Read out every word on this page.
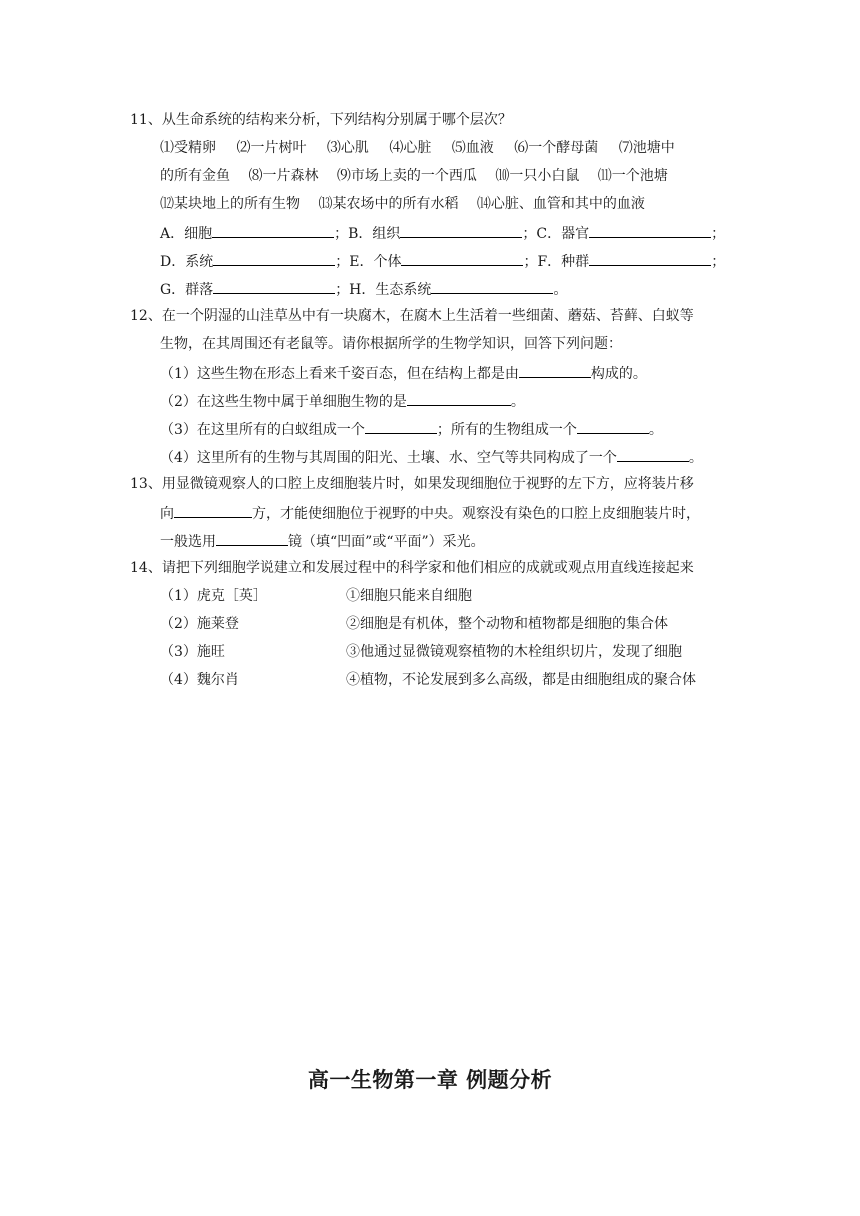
11、从生命系统的结构来分析，下列结构分别属于哪个层次？
⑴受精卵　 ⑵一片树叶　 ⑶心肌　 ⑷心脏　 ⑸血液　 ⑹一个酵母菌　 ⑺池塘中
的所有金鱼　 ⑻一片森林　 ⑼市场上卖的一个西瓜　 ⑽一只小白鼠　 ⑾一个池塘
⑿某块地上的所有生物　 ⒀某农场中的所有水稻　 ⒁心脏、血管和其中的血液
A．细胞	；B．组织	；C．器官	；
D．系统	；E．个体	；F．种群	；
G．群落	；H．生态系统	。
12、在一个阴湿的山洼草丛中有一块腐木，在腐木上生活着一些细菌、蘑菇、苔藓、白蚁等
生物，在其周围还有老鼠等。请你根据所学的生物学知识，回答下列问题：
（1）这些生物在形态上看来千姿百态，但在结构上都是由	构成的。
（2）在这些生物中属于单细胞生物的是	。
（3）在这里所有的白蚁组成一个	；所有的生物组成一个	。
（4）这里所有的生物与其周围的阳光、土壤、水、空气等共同构成了一个	。
13、用显微镜观察人的口腔上皮细胞装片时，如果发现细胞位于视野的左下方，应将装片移
向	方，才能使细胞位于视野的中央。观察没有染色的口腔上皮细胞装片时，
一般选用	镜（填“凹面”或“平面”）采光。
14、请把下列细胞学说建立和发展过程中的科学家和他们相应的成就或观点用直线连接起来
（1）虎克［英］	①细胞只能来自细胞
（2）施莱登	②细胞是有机体，整个动物和植物都是细胞的集合体
（3）施旺	③他通过显微镜观察植物的木栓组织切片，发现了细胞
（4）魏尔肖	④植物，不论发展到多么高级，都是由细胞组成的聚合体
高一生物第一章 例题分析
